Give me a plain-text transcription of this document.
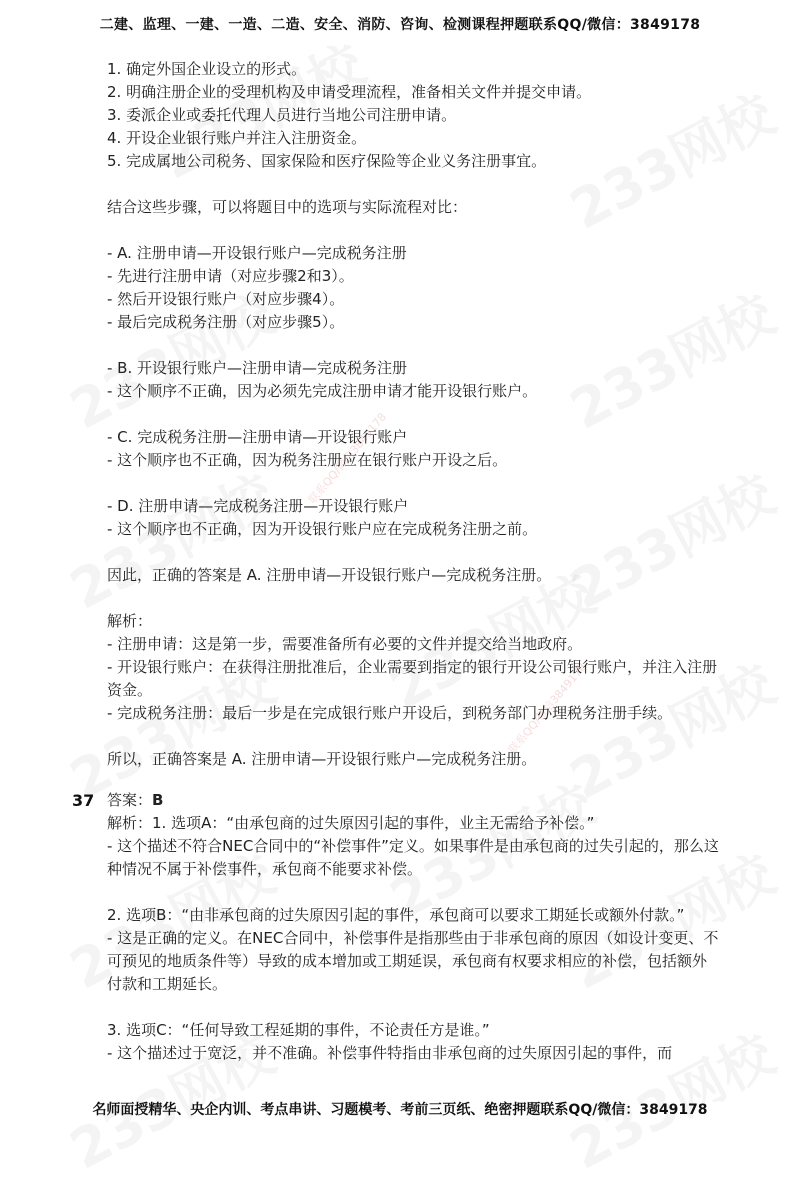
联系QQ/微信3849178
联系QQ/微信3849178
二建、监理、一建、一造、二造、安全、消防、咨询、检测课程押题联系QQ/微信：3849178
1. 确定外国企业设立的形式。
2. 明确注册企业的受理机构及申请受理流程，准备相关文件并提交申请。
3. 委派企业或委托代理人员进行当地公司注册申请。
4. 开设企业银行账户并注入注册资金。
5. 完成属地公司税务、国家保险和医疗保险等企业义务注册事宜。
结合这些步骤，可以将题目中的选项与实际流程对比：
- A. 注册申请—开设银行账户—完成税务注册
- 先进行注册申请（对应步骤2和3）。
- 然后开设银行账户（对应步骤4）。
- 最后完成税务注册（对应步骤5）。
- B. 开设银行账户—注册申请—完成税务注册
- 这个顺序不正确，因为必须先完成注册申请才能开设银行账户。
- C. 完成税务注册—注册申请—开设银行账户
- 这个顺序也不正确，因为税务注册应在银行账户开设之后。
- D. 注册申请—完成税务注册—开设银行账户
- 这个顺序也不正确，因为开设银行账户应在完成税务注册之前。
因此，正确的答案是 A. 注册申请—开设银行账户—完成税务注册。
解析：
- 注册申请：这是第一步，需要准备所有必要的文件并提交给当地政府。
- 开设银行账户：在获得注册批准后，企业需要到指定的银行开设公司银行账户，并注入注册资金。
- 完成税务注册：最后一步是在完成银行账户开设后，到税务部门办理税务注册手续。
所以，正确答案是 A. 注册申请—开设银行账户—完成税务注册。
37 答案：B
解析：1. 选项A：“由承包商的过失原因引起的事件，业主无需给予补偿。”
- 这个描述不符合NEC合同中的“补偿事件”定义。如果事件是由承包商的过失引起的，那么这种情况不属于补偿事件，承包商不能要求补偿。
2. 选项B：“由非承包商的过失原因引起的事件，承包商可以要求工期延长或额外付款。”
- 这是正确的定义。在NEC合同中，补偿事件是指那些由于非承包商的原因（如设计变更、不可预见的地质条件等）导致的成本增加或工期延误，承包商有权要求相应的补偿，包括额外付款和工期延长。
3. 选项C：“任何导致工程延期的事件，不论责任方是谁。”
- 这个描述过于宽泛，并不准确。补偿事件特指由非承包商的过失原因引起的事件，而
名师面授精华、央企内训、考点串讲、习题模考、考前三页纸、绝密押题联系QQ/微信：3849178
